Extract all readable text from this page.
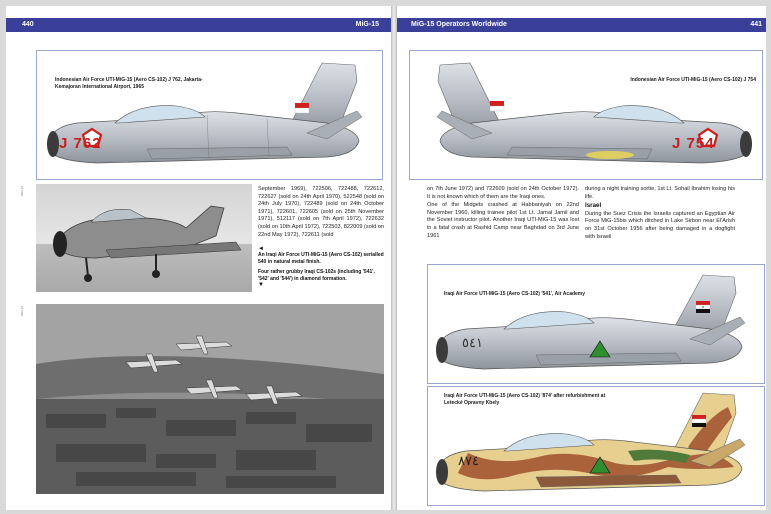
440	MiG-15
Indonesian Air Force UTI-MiG-15 (Aero CS-102) J 762, Jakarta-Kemajoran International Airport, 1965
J 762
September 1969), 722506, 722488, 722612, 722627 (sold on 24th April 1970), 522548 (sold on 24th July 1970), 722489 (sold on 24th October 1971), 722601, 722605 (sold on 25th November 1971), 512117 (sold on 7th April 1972), 722632 (sold on 10th April 1972), 722503, 822009 (sold on 22nd May 1972), 722611 (sold
◄
An Iraqi Air Force UTI-MiG-15 (Aero CS-102) serialled 540 in natural metal finish.
Four rather grubby Iraqi CS-102s (including '541', '542' and '544') in diamond formation.
▼
MIG-15
MIG-15
MiG-15 Operators Worldwide	441
Indonesian Air Force UTI-MiG-15 (Aero CS-102) J 754
J 754

on 7th June 1972) and 722609 (sold on 24th October 1972). It is not known which of them are the Iraqi ones.

One of the Midgets crashed at Habbaniyah on 22nd November 1960, killing trainee pilot 1st Lt. Jamal Jamil and the Soviet instructor pilot. Another Iraqi UTI-MiG-15 was lost in a fatal crash at Rashid Camp near Baghdad on 3rd June 1961

during a night training sortie, 1st Lt. Sohail Ibrahim losing his life.

Israel

During the Suez Crisis the Israelis captured an Egyptian Air Force MiG-15bis which ditched in Lake Sirbon near El'Arish on 31st October 1956 after being damaged in a dogfight with Israeli

Iraqi Air Force UTI-MiG-15 (Aero CS-102) '541', Air Academy
٥٤١
Iraqi Air Force UTI-MiG-15 (Aero CS-102) '874' after refurbishment at Letecké Opravny Kbely
٨٧٤
